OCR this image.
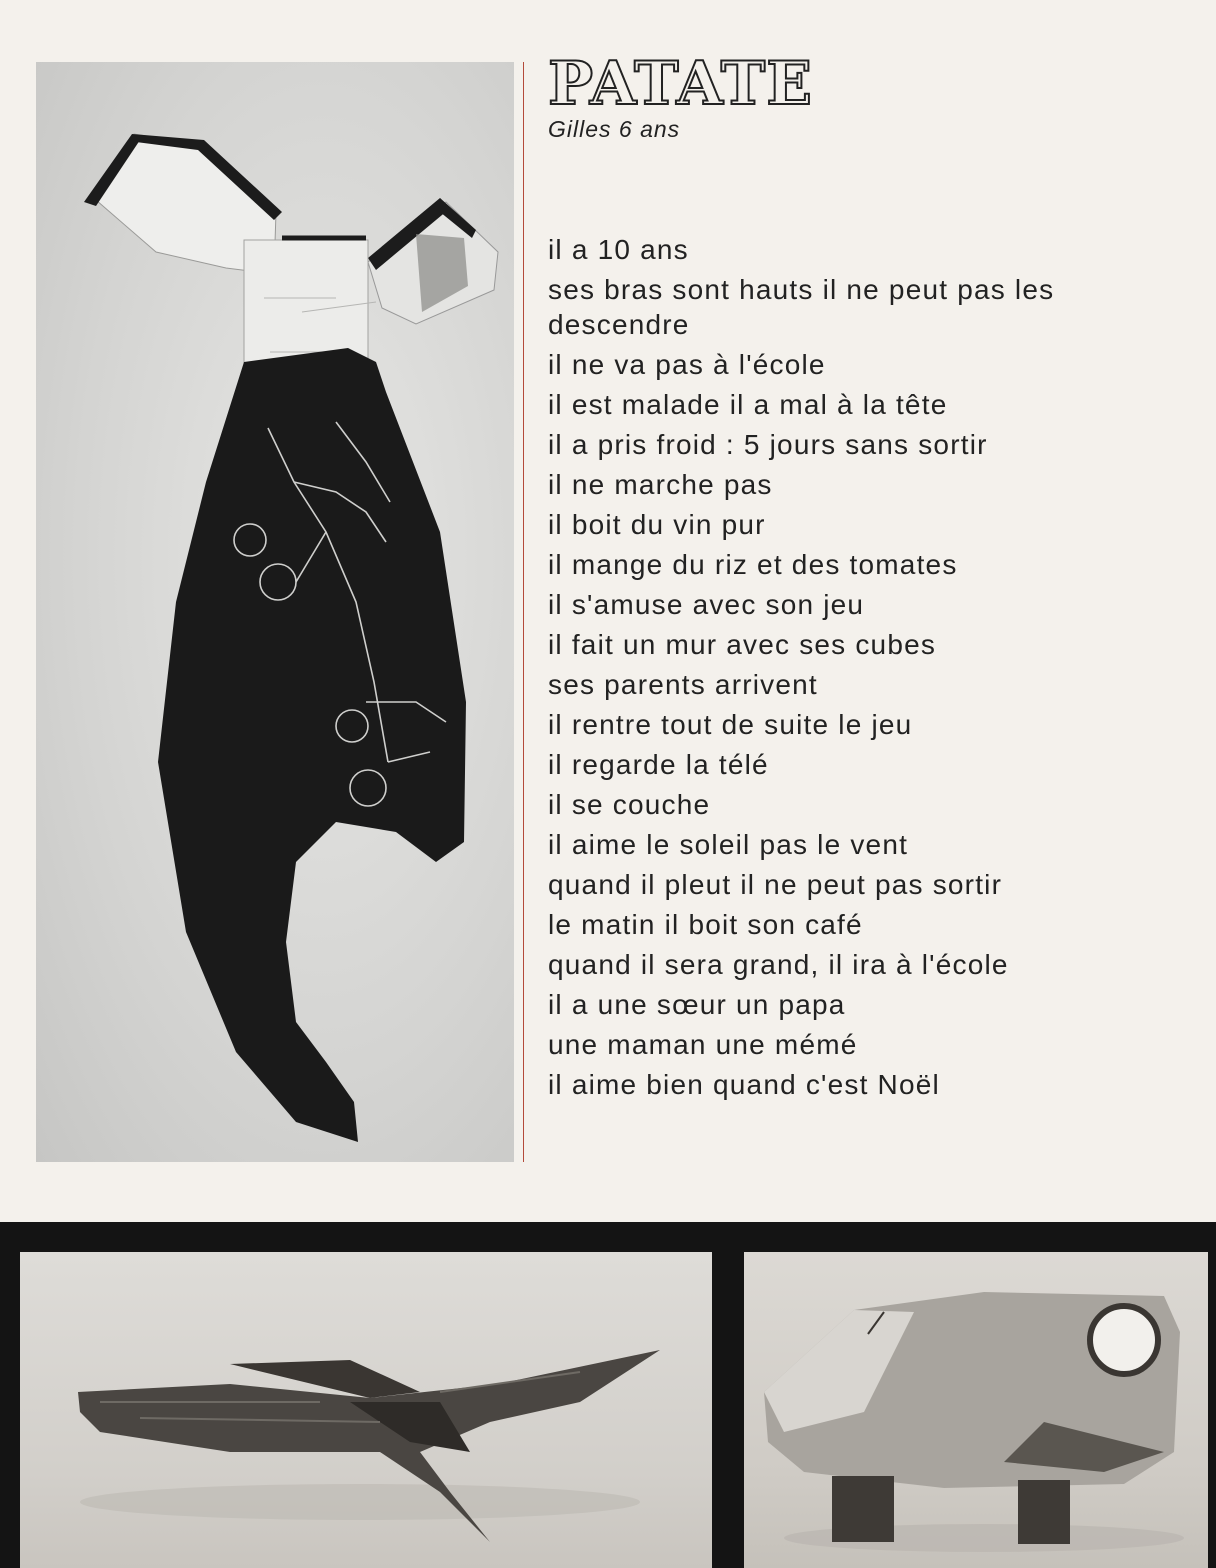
PATATE
Gilles 6 ans
il a 10 ans
ses bras sont hauts il ne peut pas les descendre
il ne va pas à l'école
il est malade il a mal à la tête
il a pris froid : 5 jours sans sortir
il ne marche pas
il boit du vin pur
il mange du riz et des tomates
il s'amuse avec son jeu
il fait un mur avec ses cubes
ses parents arrivent
il rentre tout de suite le jeu
il regarde la télé
il se couche
il aime le soleil pas le vent
quand il pleut il ne peut pas sortir
le matin il boit son café
quand il sera grand, il ira à l'école
il a une sœur un papa
une maman une mémé
il aime bien quand c'est Noël
